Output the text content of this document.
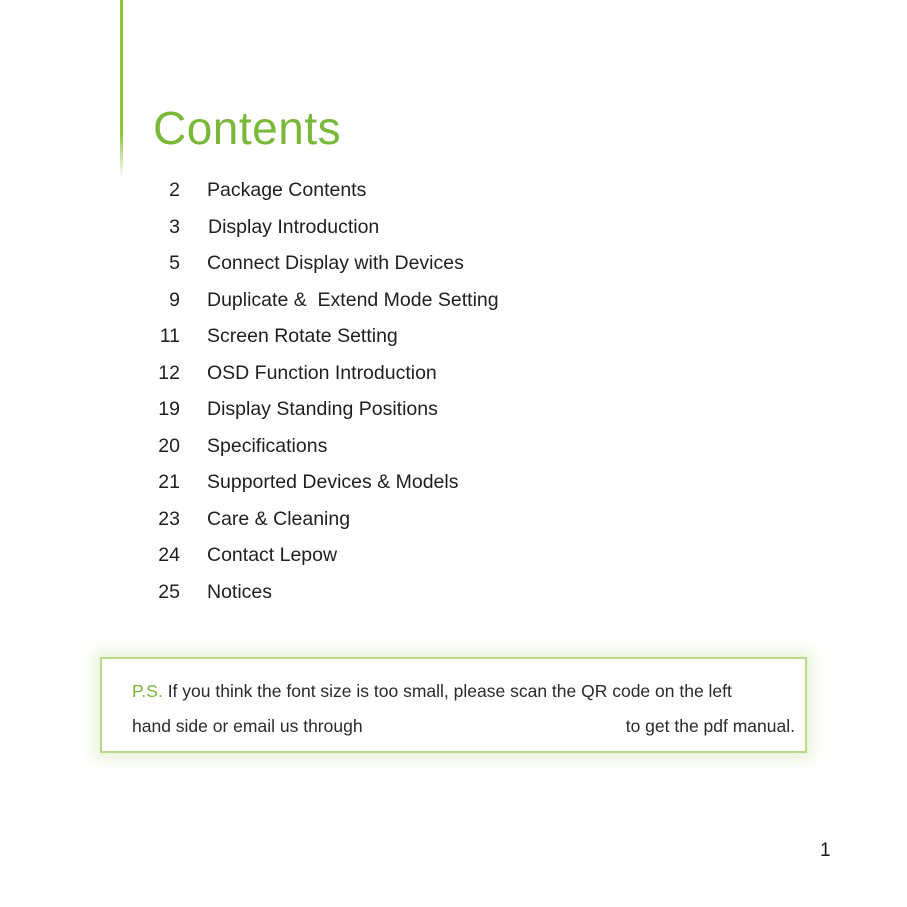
Contents
2 Package Contents
3 Display Introduction
5 Connect Display with Devices
9 Duplicate &  Extend Mode Setting
11 Screen Rotate Setting
12 OSD Function Introduction
19 Display Standing Positions
20 Specifications
21 Supported Devices & Models
23 Care & Cleaning
24 Contact Lepow
25 Notices
P.S. If you think the font size is too small, please scan the QR code on the left
hand side or email us through	to get the pdf manual.
1
